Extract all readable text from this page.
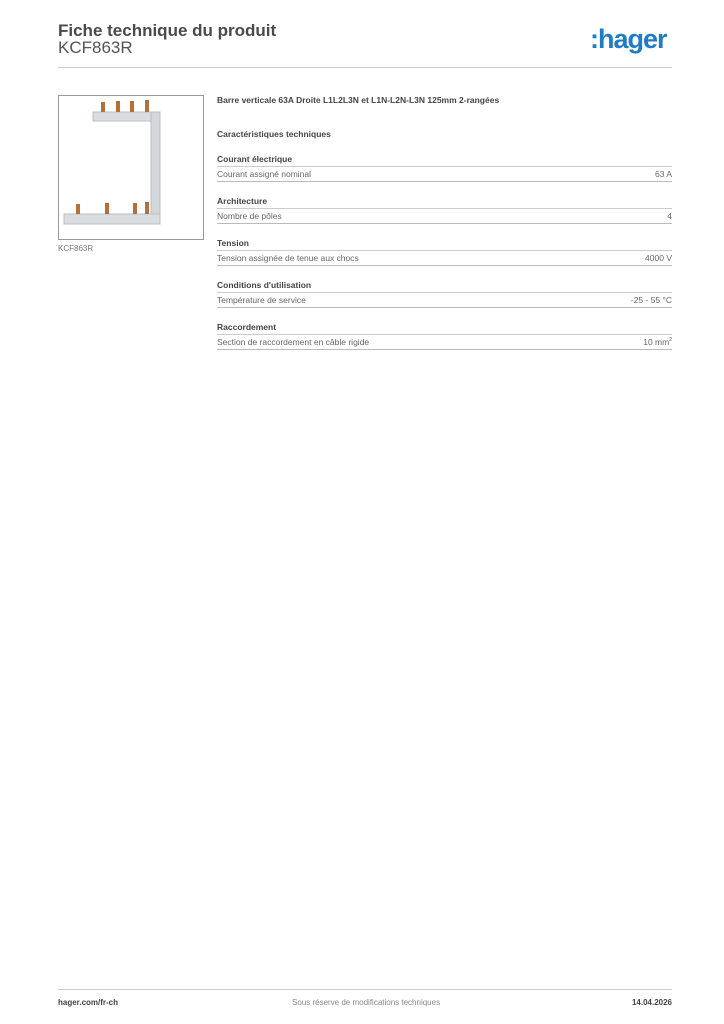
Fiche technique du produit
KCF863R	:hager
KCF863R
Barre verticale 63A Droite L1L2L3N et L1N-L2N-L3N 125mm 2-rangées
Caractéristiques techniques
Courant électrique
Courant assigné nominal	63 A
Architecture
Nombre de pôles	4
Tension
Tension assignée de tenue aux chocs	4000 V
Conditions d'utilisation
Température de service	-25 - 55 °C
Raccordement
Section de raccordement en câble rigide	10 $mm^2$
hager.com/fr-ch	Sous réserve de modifications techniques	14.04.2026
